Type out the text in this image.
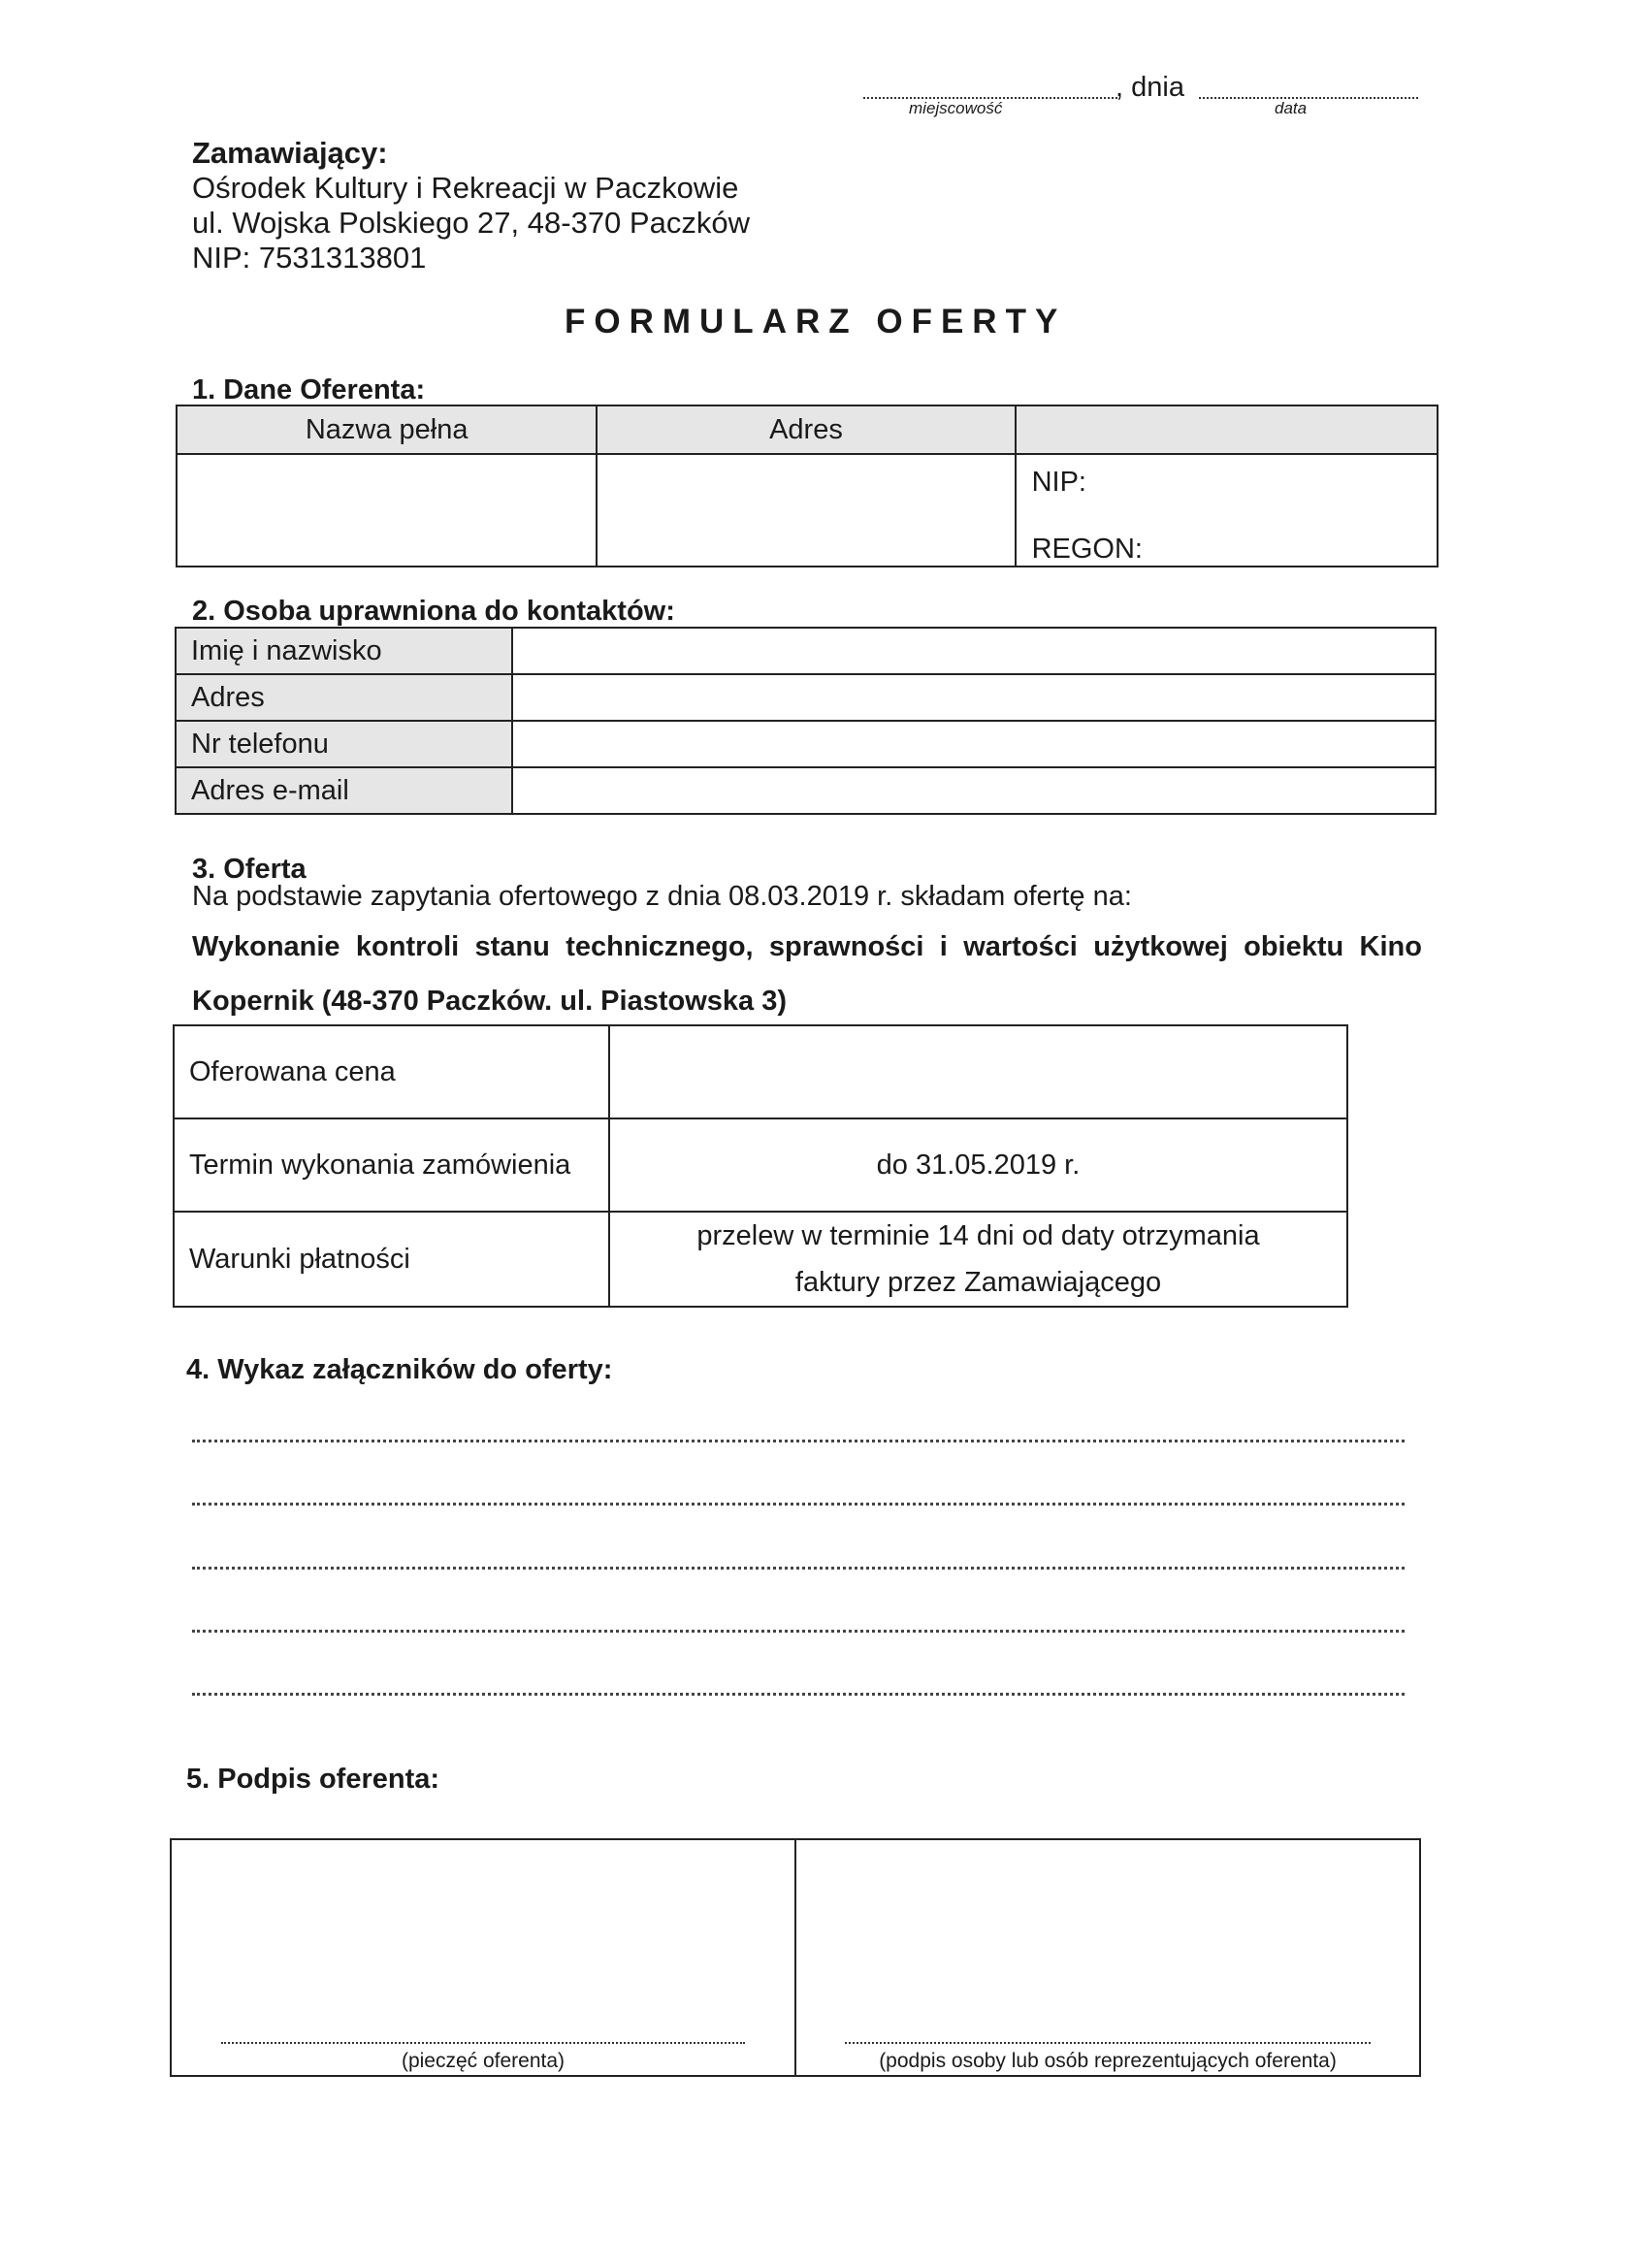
, dnia
miejscowość	data
Zamawiający:
Ośrodek Kultury i Rekreacji w Paczkowie
ul. Wojska Polskiego 27, 48-370 Paczków
NIP: 7531313801
FORMULARZ OFERTY
1. Dane Oferenta:
Nazwa pełna	Adres	

		NIP:
REGON:
2. Osoba uprawniona do kontaktów:
Imię i nazwisko	
Adres	
Nr telefonu	
Adres e-mail	
3. Oferta
Na podstawie zapytania ofertowego z dnia 08.03.2019 r. składam ofertę na:
Wykonanie kontroli stanu technicznego, sprawności i wartości użytkowej obiektu Kino Kopernik (48-370 Paczków. ul. Piastowska 3)
Oferowana cena	
Termin wykonania zamówienia	do 31.05.2019 r.
Warunki płatności	przelew w terminie 14 dni od daty otrzymania
faktury przez Zamawiającego
4. Wykaz załączników do oferty:
5. Podpis oferenta:
(pieczęć oferenta)	(podpis osoby lub osób reprezentujących oferenta)
